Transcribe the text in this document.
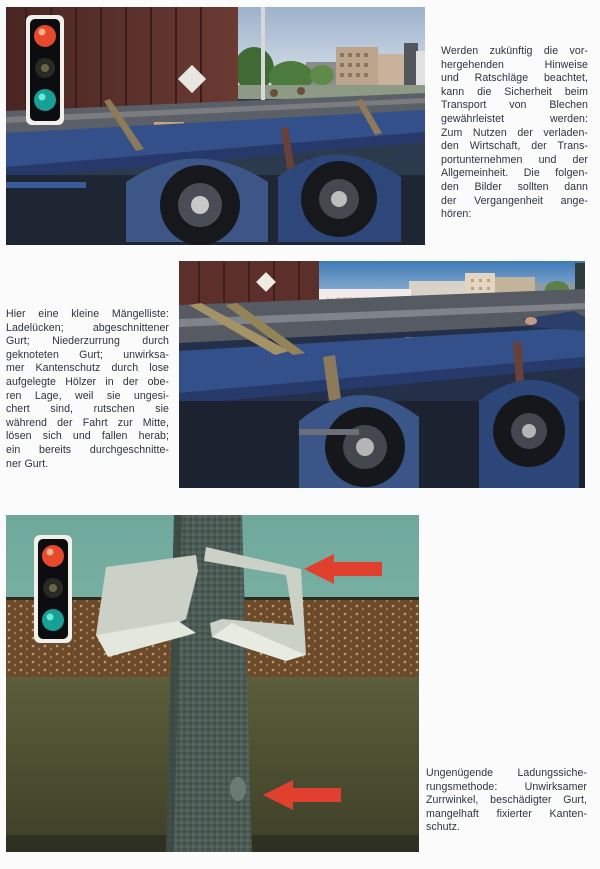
Werden zukünftig die vor-
hergehenden Hinweise
und Ratschläge beachtet,
kann die Sicherheit beim
Transport von Blechen
gewährleistet werden:
Zum Nutzen der verladen-
den Wirtschaft, der Trans-
portunternehmen und der
Allgemeinheit. Die folgen-
den Bilder sollten dann
der Vergangenheit ange-
hören:

Hier eine kleine Mängelliste:
Ladelücken; abgeschnittener
Gurt; Niederzurrung durch
geknoteten Gurt; unwirksa-
mer Kantenschutz durch lose
aufgelegte Hölzer in der obe-
ren Lage, weil sie ungesi-
chert sind, rutschen sie
während der Fahrt zur Mitte,
lösen sich und fallen herab;
ein bereits durchgeschnitte-
ner Gurt.

Ungenügende Ladungssiche-
rungsmethode: Unwirksamer
Zurrwinkel, beschädigter Gurt,
mangelhaft fixierter Kanten-
schutz.
